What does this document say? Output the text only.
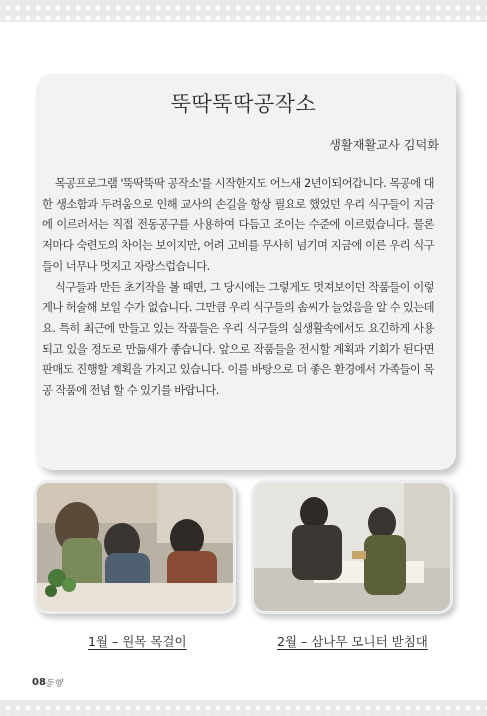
뚝딱뚝딱공작소
생활재활교사 김덕화

목공프로그램 '뚝딱뚝딱 공작소'를 시작한지도 어느새 2년이되어갑니다. 목공에 대한 생소함과 두려움으로 인해 교사의 손길을 항상 필요로 했었던 우리 식구들이 지금에 이르러서는 직접 전동공구를 사용하여 다듬고 조이는 수준에 이르렀습니다. 물론 저마다 숙련도의 차이는 보이지만, 어려 고비를 무사히 넘기며 지금에 이른 우리 식구들이 너무나 멋지고 자랑스럽습니다.

식구들과 만든 초기작을 볼 때면, 그 당시에는 그렇게도 멋져보이던 작품들이 이렇게나 허술해 보일 수가 없습니다. 그만큼 우리 식구들의 솜씨가 늘었음을 알 수 있는데요. 특히 최근에 만들고 있는 작품들은 우리 식구들의 실생활속에서도 요긴하게 사용되고 있을 정도로 만듦새가 좋습니다. 앞으로 작품들을 전시할 계획과 기회가 된다면 판매도 진행할 계획을 가지고 있습니다. 이를 바탕으로 더 좋은 환경에서 가족들이 목공 작품에 전념 할 수 있기를 바랍니다.

1월 – 원목 목걸이	2월 – 삼나무 모니터 받침대
08 동행
